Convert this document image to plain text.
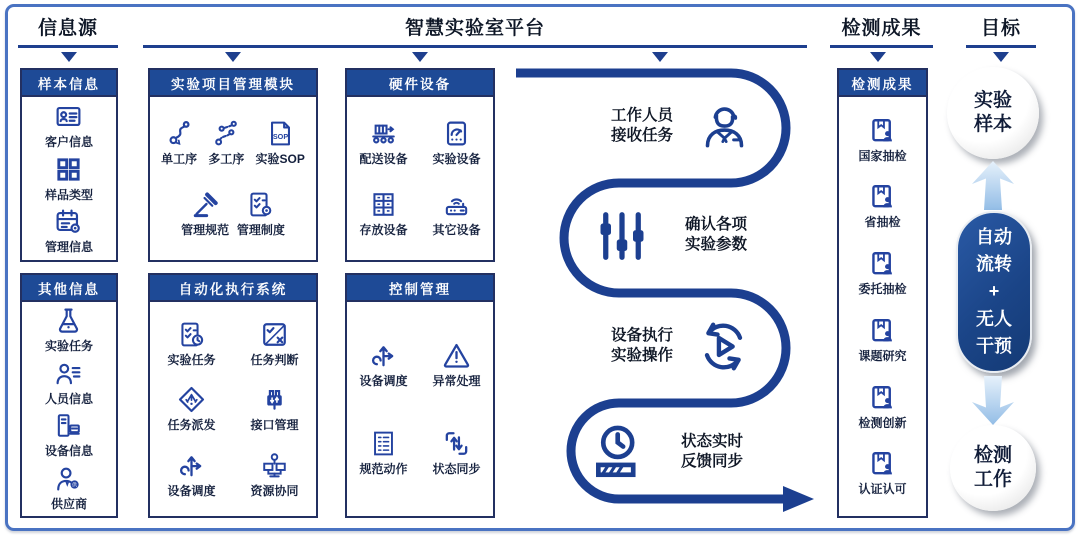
信息源	智慧实验室平台	检测成果	目标
样本信息
客户信息
样品类型
管理信息
其他信息
实验任务
人员信息
设备信息
供应商
实验项目管理模块
单工序 多工序 实验SOP
管理规范 管理制度
自动化执行系统
实验任务	任务判断
任务派发	接口管理
设备调度	资源协同
硬件设备
配送设备 实验设备
存放设备 其它设备
控制管理
设备调度 异常处理
规范动作 状态同步
工作人员
接收任务
确认各项
实验参数
设备执行
实验操作
状态实时
反馈同步
检测成果
国家抽检
省抽检
委托抽检
课题研究
检测创新
认证认可
实验
样本
自动
流转
+
无人
干预
检测
工作
